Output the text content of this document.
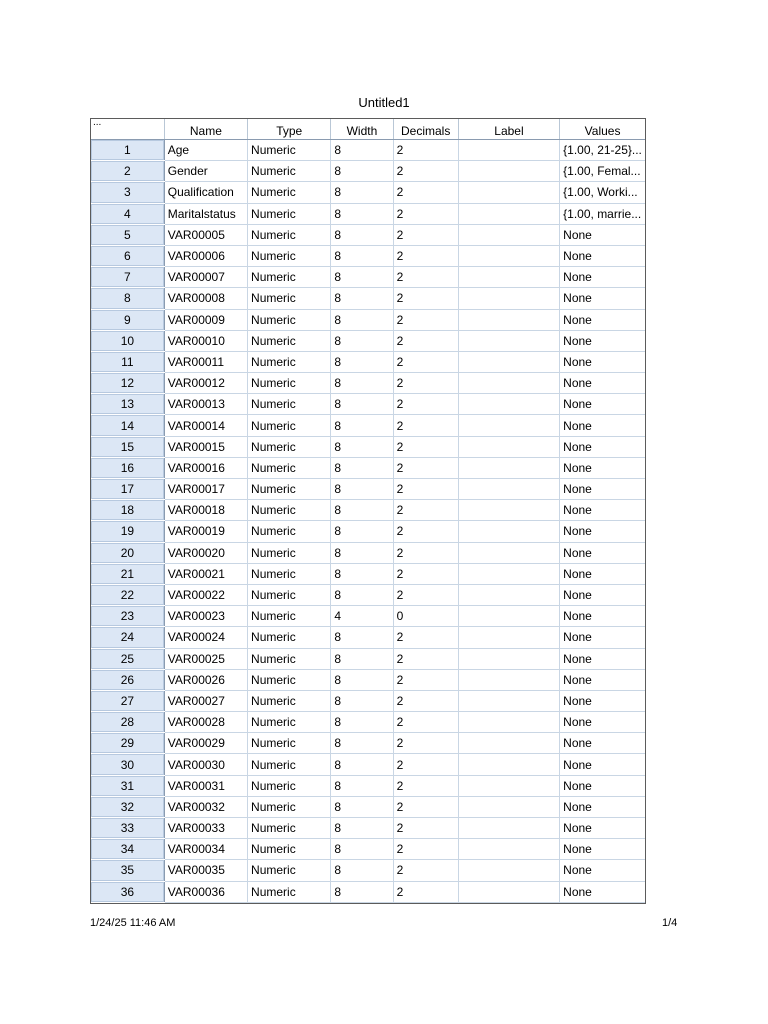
Untitled1
...	Name	Type	Width	Decimals	Label	Values
1	Age	Numeric	8	2		{1.00, 21-25}...
2	Gender	Numeric	8	2		{1.00, Femal...
3	Qualification	Numeric	8	2		{1.00, Worki...
4	Maritalstatus	Numeric	8	2		{1.00, marrie...
5	VAR00005	Numeric	8	2		None
6	VAR00006	Numeric	8	2		None
7	VAR00007	Numeric	8	2		None
8	VAR00008	Numeric	8	2		None
9	VAR00009	Numeric	8	2		None
10	VAR00010	Numeric	8	2		None
11	VAR00011	Numeric	8	2		None
12	VAR00012	Numeric	8	2		None
13	VAR00013	Numeric	8	2		None
14	VAR00014	Numeric	8	2		None
15	VAR00015	Numeric	8	2		None
16	VAR00016	Numeric	8	2		None
17	VAR00017	Numeric	8	2		None
18	VAR00018	Numeric	8	2		None
19	VAR00019	Numeric	8	2		None
20	VAR00020	Numeric	8	2		None
21	VAR00021	Numeric	8	2		None
22	VAR00022	Numeric	8	2		None
23	VAR00023	Numeric	4	0		None
24	VAR00024	Numeric	8	2		None
25	VAR00025	Numeric	8	2		None
26	VAR00026	Numeric	8	2		None
27	VAR00027	Numeric	8	2		None
28	VAR00028	Numeric	8	2		None
29	VAR00029	Numeric	8	2		None
30	VAR00030	Numeric	8	2		None
31	VAR00031	Numeric	8	2		None
32	VAR00032	Numeric	8	2		None
33	VAR00033	Numeric	8	2		None
34	VAR00034	Numeric	8	2		None
35	VAR00035	Numeric	8	2		None
36	VAR00036	Numeric	8	2		None
1/24/25 11:46 AM	1/4
